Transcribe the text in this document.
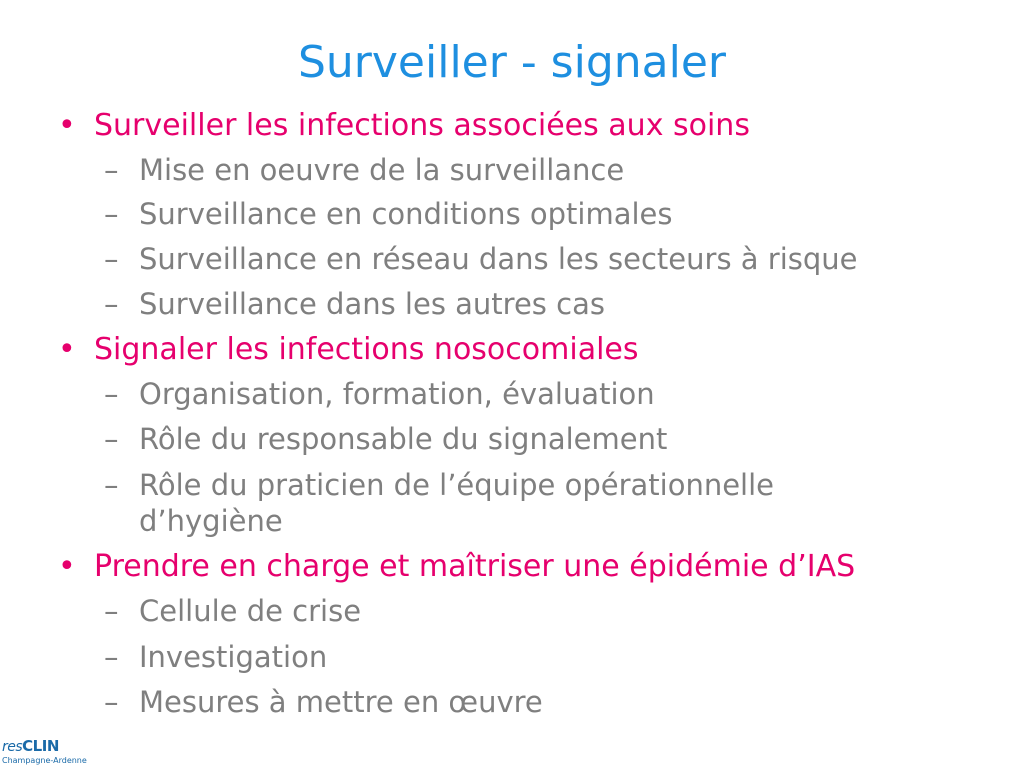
Surveiller - signaler
• Surveiller les infections associées aux soins
– Mise en oeuvre de la surveillance
– Surveillance en conditions optimales
– Surveillance en réseau dans les secteurs à risque
– Surveillance dans les autres cas
• Signaler les infections nosocomiales
– Organisation, formation, évaluation
– Rôle du responsable du signalement
– Rôle du praticien de l’équipe opérationnelle
d’hygiène
• Prendre en charge et maîtriser une épidémie d’IAS
– Cellule de crise
– Investigation
– Mesures à mettre en œuvre
resCLIN
Champagne-Ardenne
